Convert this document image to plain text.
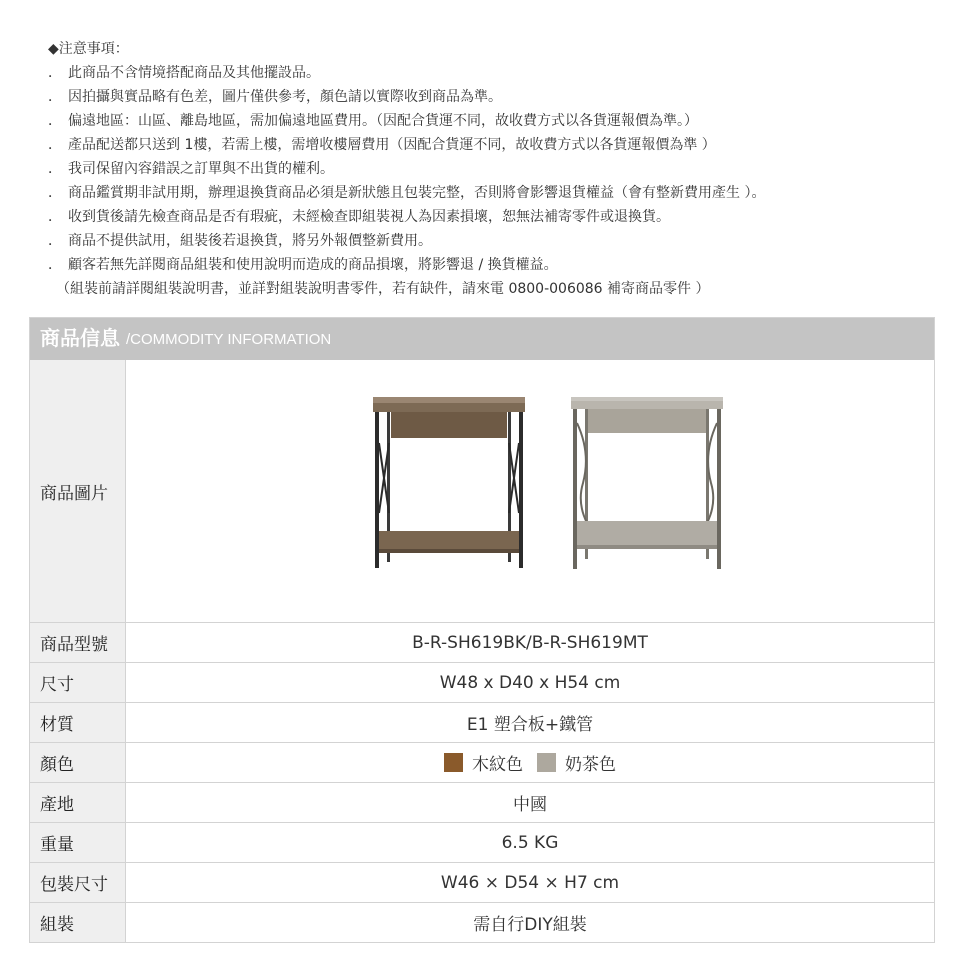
◆注意事項：
． 此商品不含情境搭配商品及其他擺設品。
． 因拍攝與實品略有色差，圖片僅供參考，顏色請以實際收到商品為準。
． 偏遠地區：山區、離島地區，需加偏遠地區費用。（因配合貨運不同，故收費方式以各貨運報價為準。）
． 產品配送都只送到 1樓，若需上樓，需增收樓層費用（因配合貨運不同，故收費方式以各貨運報價為準 ）
． 我司保留內容錯誤之訂單與不出貨的權利。
． 商品鑑賞期非試用期，辦理退換貨商品必須是新狀態且包裝完整，否則將會影響退貨權益（會有整新費用產生 ）。
． 收到貨後請先檢查商品是否有瑕疵，未經檢查即組裝視人為因素損壞，恕無法補寄零件或退換貨。
． 商品不提供試用，組裝後若退換貨，將另外報價整新費用。
． 顧客若無先詳閱商品組裝和使用說明而造成的商品損壞，將影響退 / 換貨權益。
（組裝前請詳閱組裝說明書，並詳對組裝說明書零件，若有缺件，請來電 0800-006086 補寄商品零件 ）
商品信息 /COMMODITY INFORMATION
商品圖片
商品型號	B-R-SH619BK/B-R-SH619MT
尺 寸	W48 x D40 x H54 cm
材 質	E1 塑合板+鐵管
顏 色	木紋色 奶茶色
產 地	中國
重 量	6.5 KG
包裝尺寸	W46 × D54 × H7 cm
組 裝	需自行DIY組裝
